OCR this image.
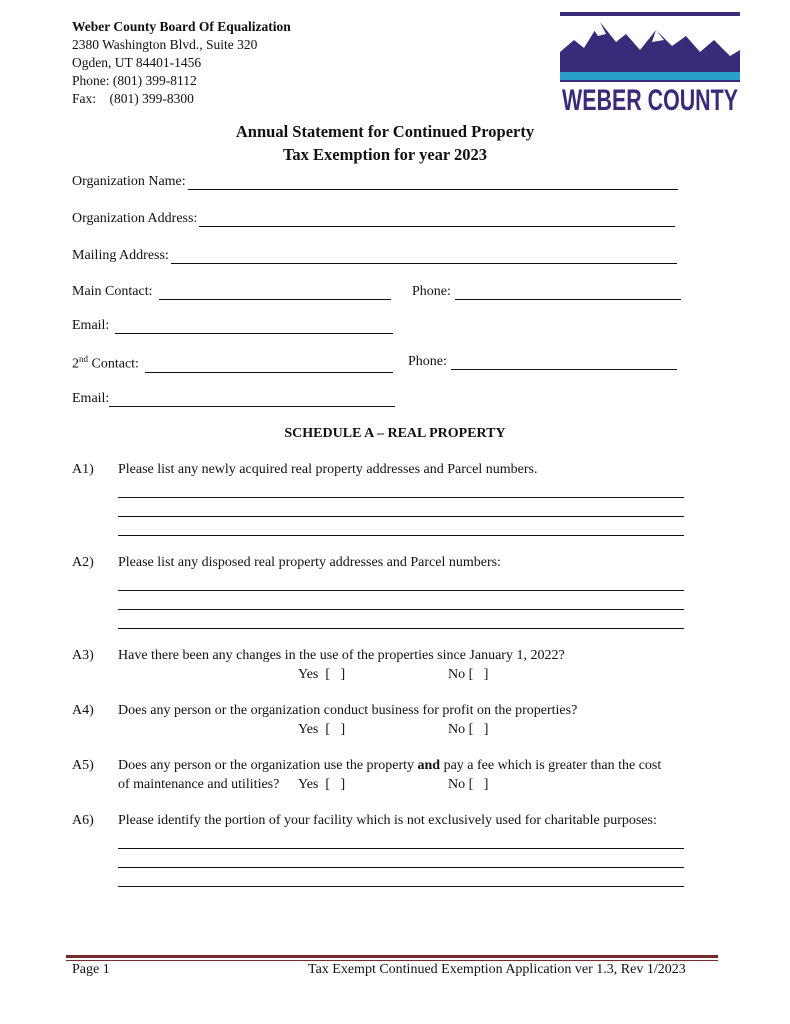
Weber County Board Of Equalization
2380 Washington Blvd., Suite 320
Ogden, UT 84401-1456
Phone: (801) 399-8112
Fax:    (801) 399-8300	WEBER COUNTY
Annual Statement for Continued Property
Tax Exemption for year 2023
Organization Name:
Organization Address:
Mailing Address:
Main Contact:	Phone:
Email:
2nd Contact:	Phone:
Email:
SCHEDULE A – REAL PROPERTY
A1) Please list any newly acquired real property addresses and Parcel numbers.
A2) Please list any disposed real property addresses and Parcel numbers:
A3) Have there been any changes in the use of the properties since January 1, 2022?
Yes  [   ]	No [   ]
A4) Does any person or the organization conduct business for profit on the properties?
Yes  [   ]	No [   ]
A5) Does any person or the organization use the property and pay a fee which is greater than the cost
of maintenance and utilities? Yes  [   ]	No [   ]
A6) Please identify the portion of your facility which is not exclusively used for charitable purposes:
Page 1	Tax Exempt Continued Exemption Application ver 1.3, Rev 1/2023
